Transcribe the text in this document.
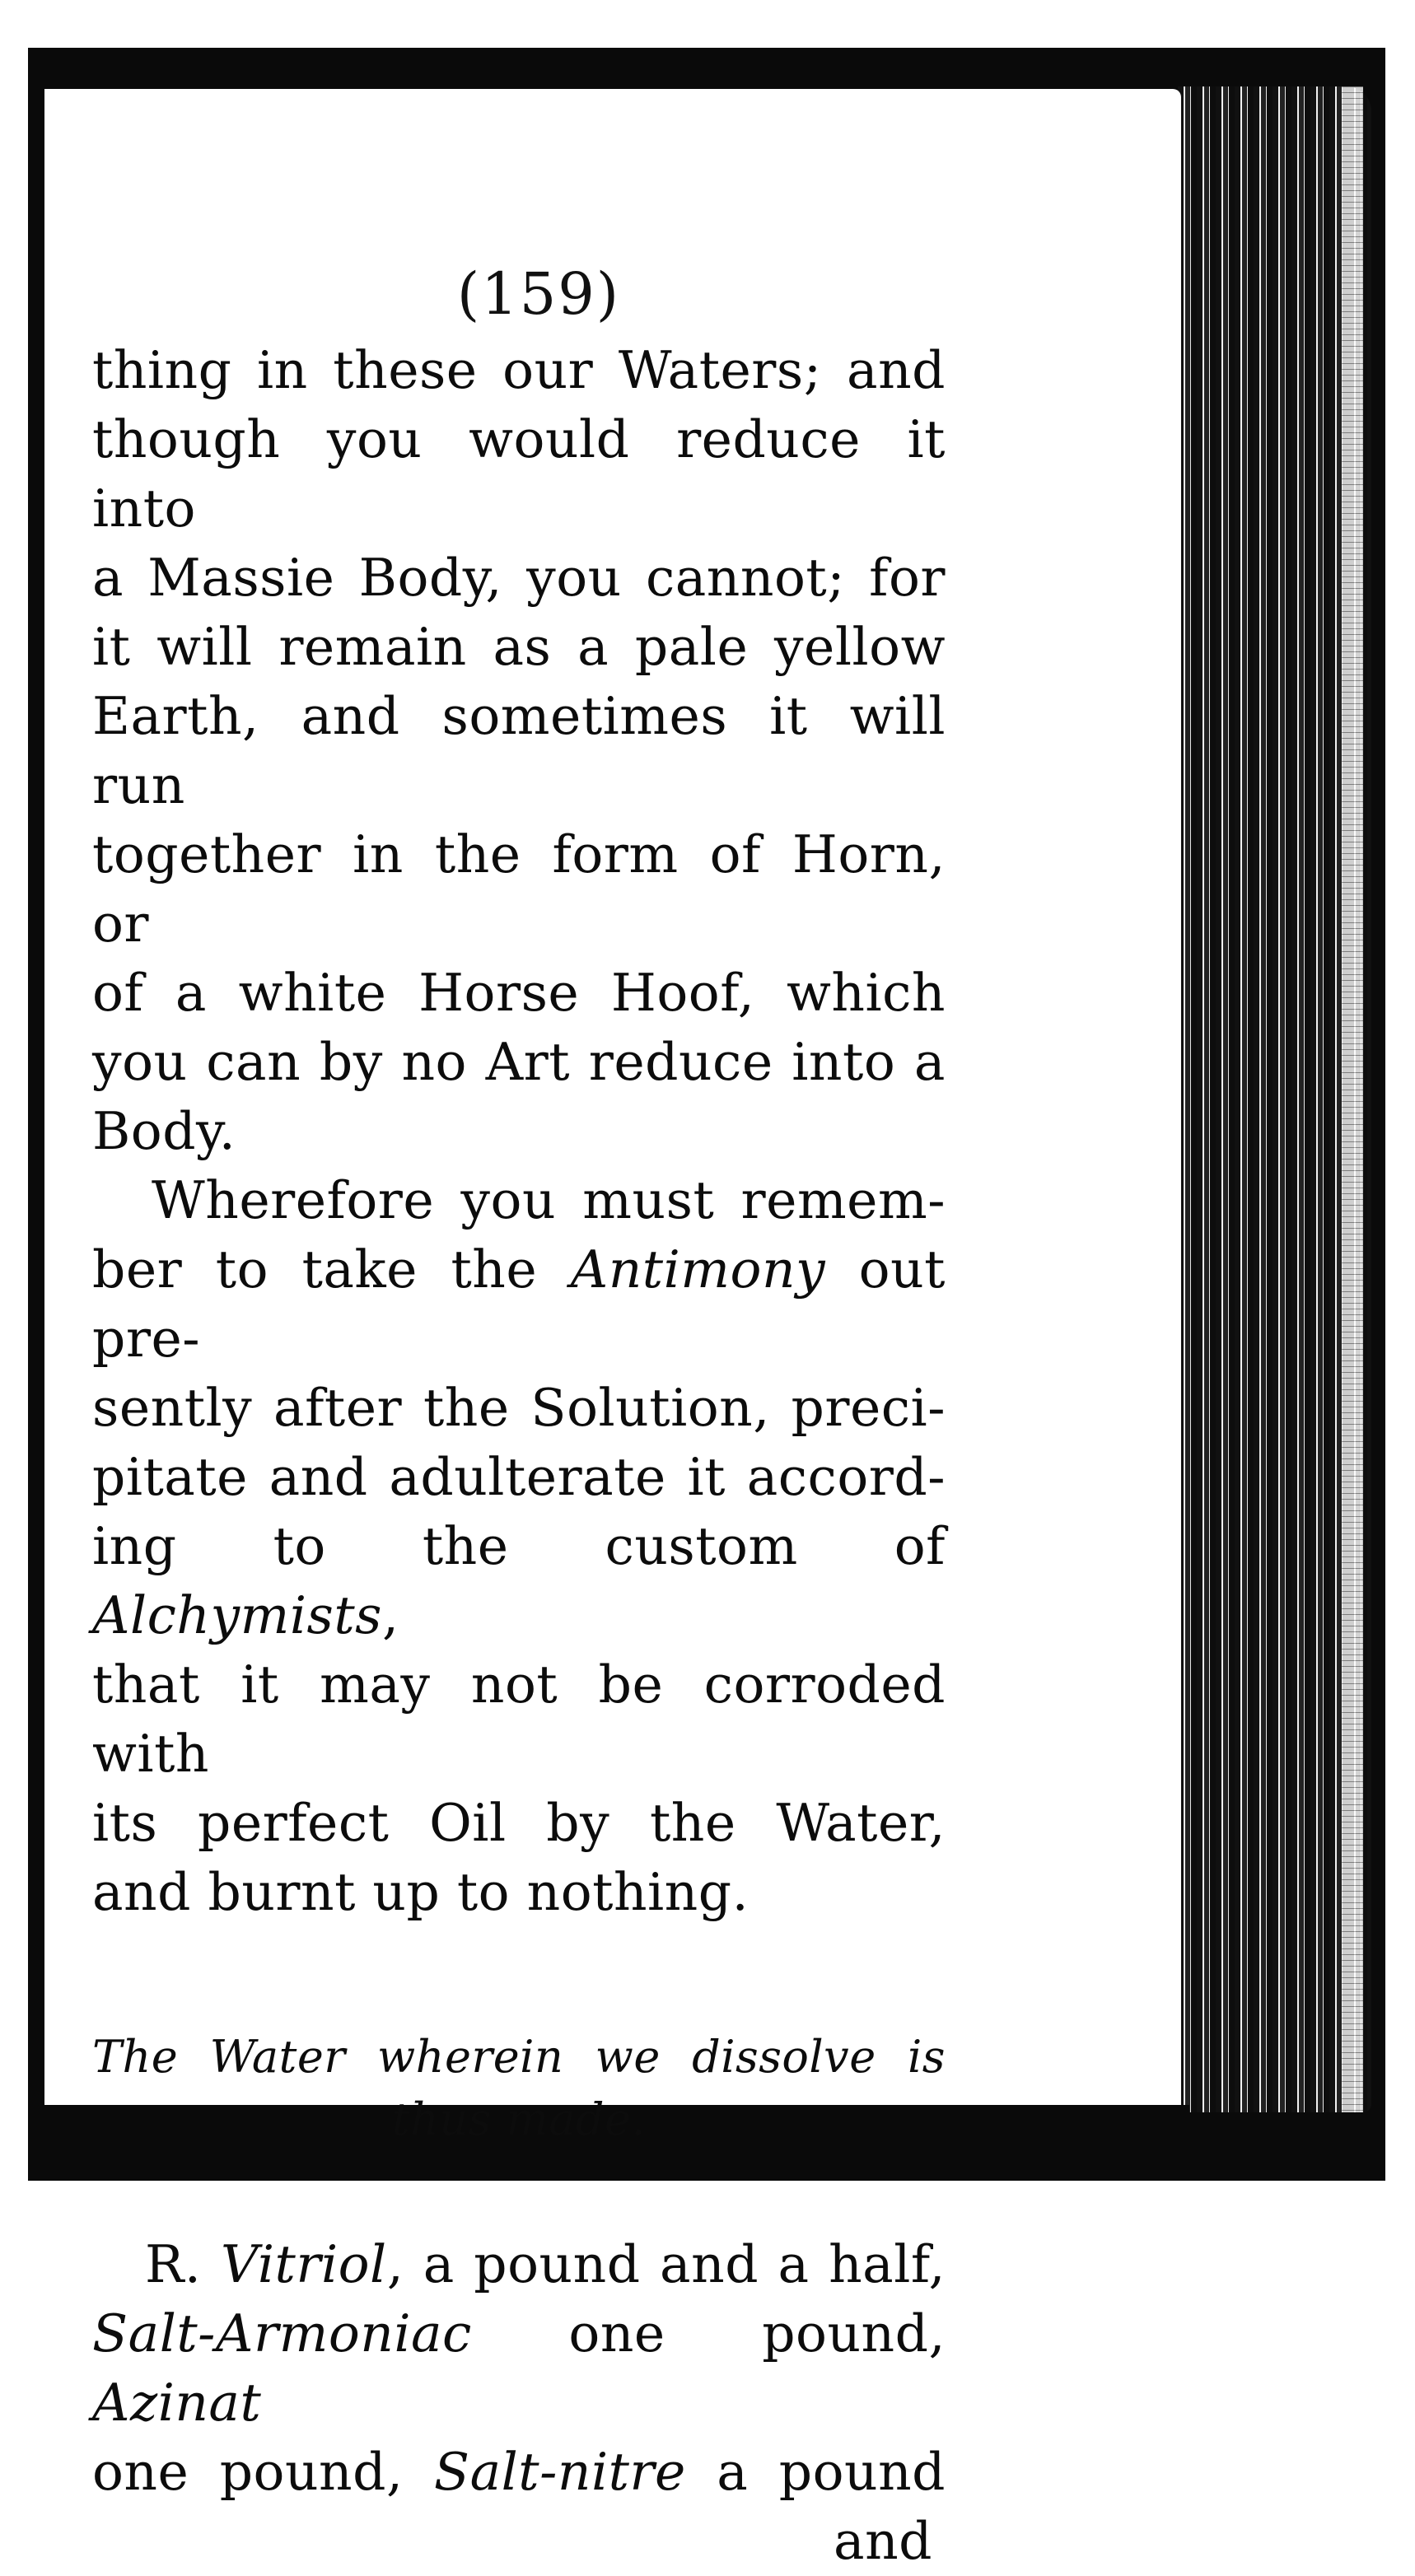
(159)

thing in these our Waters; and

though you would reduce it into

a Massie Body, you cannot; for

it will remain as a pale yellow

Earth, and sometimes it will run

together in the form of Horn, or

of a white Horse Hoof, which

you can by no Art reduce into a

Body.

Wherefore you must remem-

ber to take the Antimony out pre-

sently after the Solution, preci-

pitate and adulterate it accord-

ing to the custom of Alchymists,

that it may not be corroded with

its perfect Oil by the Water,

and burnt up to nothing.

The Water wherein we dissolve is
thus made.
R. Vitriol, a pound and a half,
Salt-Armoniac one pound, Azinat
one pound, Salt-nitre a pound
and
